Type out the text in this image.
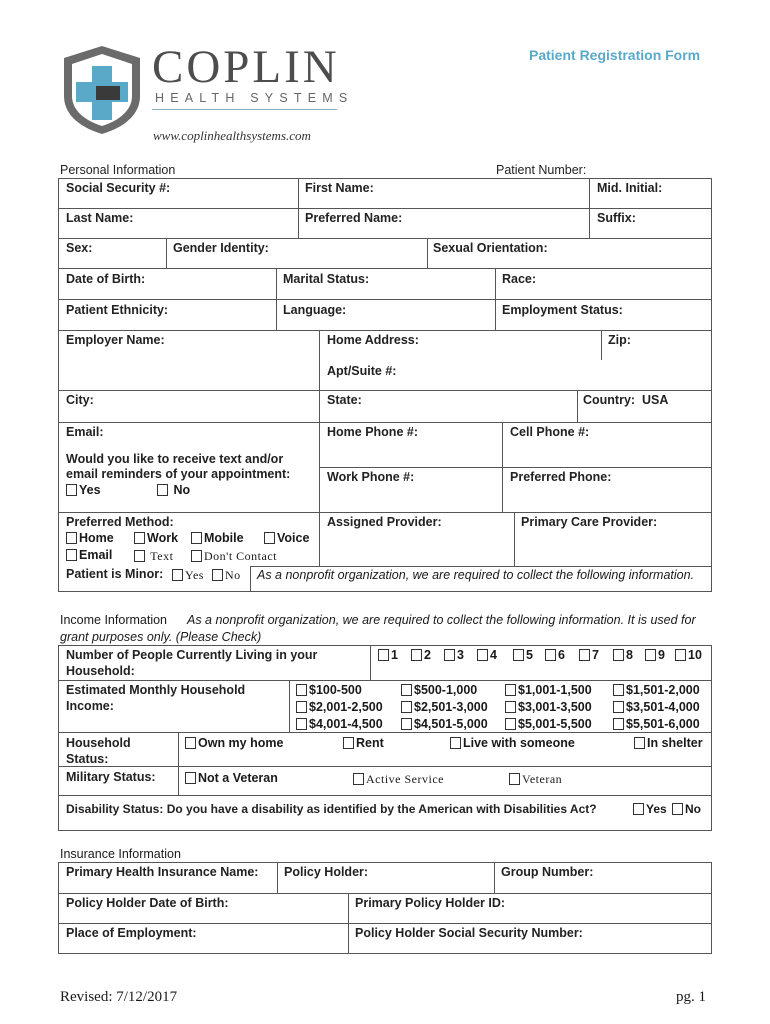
COPLIN
HEALTH SYSTEMS
www.coplinhealthsystems.com
Patient Registration Form
Personal Information	Patient Number:
Social Security #:	First Name:	Mid. Initial:
Last Name:	Preferred Name:	Suffix:
Sex:	Gender Identity:	Sexual Orientation:
Date of Birth:	Marital Status:	Race:
Patient Ethnicity:	Language:	Employment Status:
Employer Name:	Home Address:	Zip:
Apt/Suite #:
City:	State:	Country: USA
Email:	Home Phone #:	Cell Phone #:
Would you like to receive text and/or
email reminders of your appointment:
Yes	No
Work Phone #:	Preferred Phone:
Preferred Method:
Home	Work	Mobile	Voice
Email	Text	Don't Contact
Assigned Provider:	Primary Care Provider:
Patient is Minor:	Yes	No As a nonprofit organization, we are required to collect the following information.
Income Information As a nonprofit organization, we are required to collect the following information. It is used for
grant purposes only. (Please Check)
Number of People Currently Living in your
Household:
1	2	3	4	5	6	7	8	9	10
Estimated Monthly Household
Income:
$100-500	$500-1,000	$1,001-1,500	$1,501-2,000
$2,001-2,500	$2,501-3,000	$3,001-3,500	$3,501-4,000
$4,001-4,500	$4,501-5,000	$5,001-5,500	$5,501-6,000
Household
Status:
Own my home	Rent	Live with someone	In shelter
Military Status:	Not a Veteran	Active Service	Veteran
Disability Status: Do you have a disability as identified by the American with Disabilities Act?	Yes	No
Insurance Information
Primary Health Insurance Name: Policy Holder:	Group Number:
Policy Holder Date of Birth:	Primary Policy Holder ID:
Place of Employment:	Policy Holder Social Security Number:
Revised: 7/12/2017	pg. 1
